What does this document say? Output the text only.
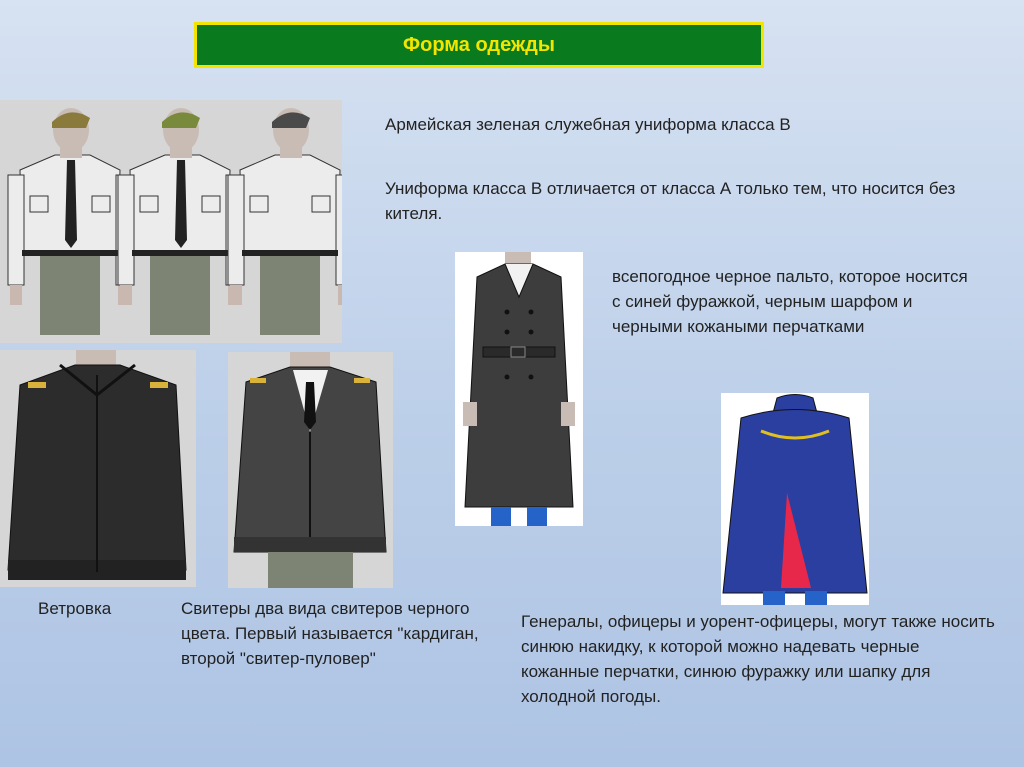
Форма одежды
Армейская зеленая служебная униформа класса B
Униформа класса B отличается от класса А только тем, что носится без кителя.
всепогодное черное пальто, которое носится с синей фуражкой, черным шарфом и черными кожаными перчатками
Ветровка	Свитеры два вида свитеров черного цвета. Первый называется "кардиган, второй "свитер-пуловер"
Генералы, офицеры и уорент-офицеры, могут также носить синюю накидку, к которой можно надевать черные кожанные перчатки, синюю фуражку или шапку для холодной погоды.
